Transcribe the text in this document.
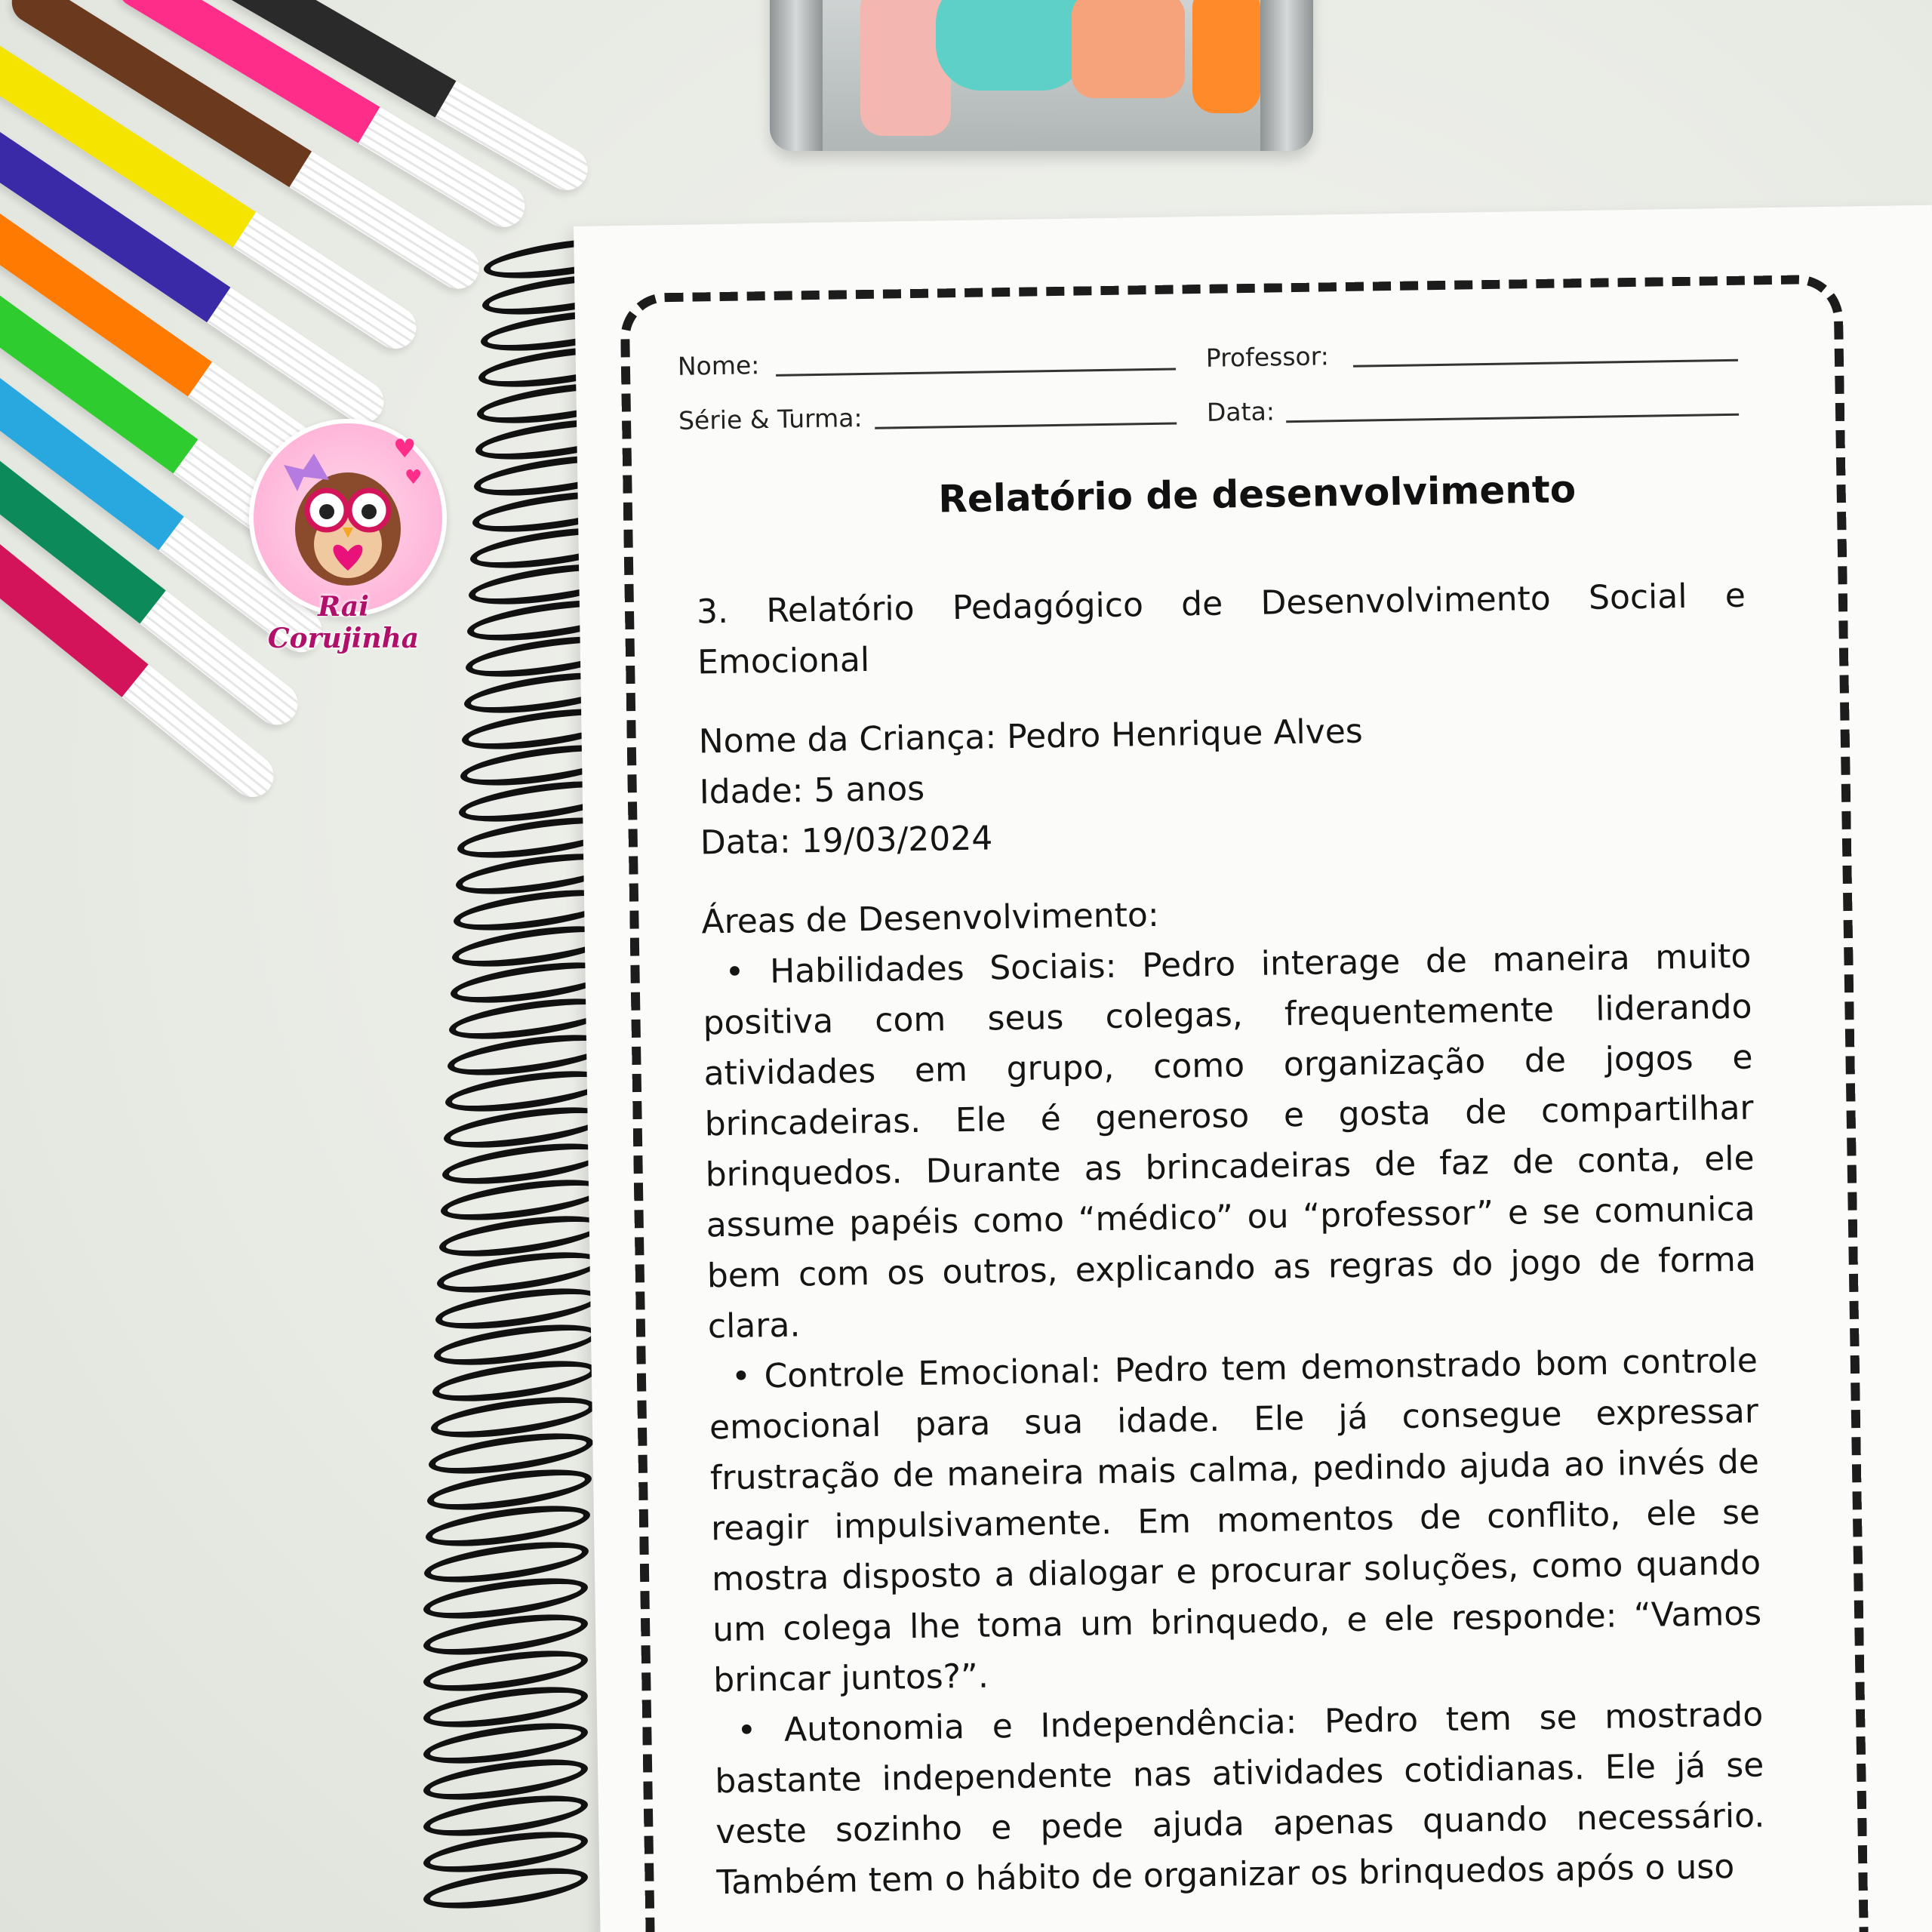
♥
♥
Rai Corujinha
Nome:	Professor:
Série & Turma:	Data:
Relatório de desenvolvimento

3. Relatório Pedagógico de Desenvolvimento Social e Emocional

Nome da Criança: Pedro Henrique Alves

Idade: 5 anos

Data: 19/03/2024

Áreas de Desenvolvimento:

• Habilidades Sociais: Pedro interage de maneira muito positiva com seus colegas, frequentemente liderando atividades em grupo, como organização de jogos e brincadeiras. Ele é generoso e gosta de compartilhar brinquedos. Durante as brincadeiras de faz de conta, ele assume papéis como “médico” ou “professor” e se comunica bem com os outros, explicando as regras do jogo de forma clara.

• Controle Emocional: Pedro tem demonstrado bom controle emocional para sua idade. Ele já consegue expressar frustração de maneira mais calma, pedindo ajuda ao invés de reagir impulsivamente. Em momentos de conflito, ele se mostra disposto a dialogar e procurar soluções, como quando um colega lhe toma um brinquedo, e ele responde: “Vamos brincar juntos?”.

• Autonomia e Independência: Pedro tem se mostrado bastante independente nas atividades cotidianas. Ele já se veste sozinho e pede ajuda apenas quando necessário. Também tem o hábito de organizar os brinquedos após o uso
